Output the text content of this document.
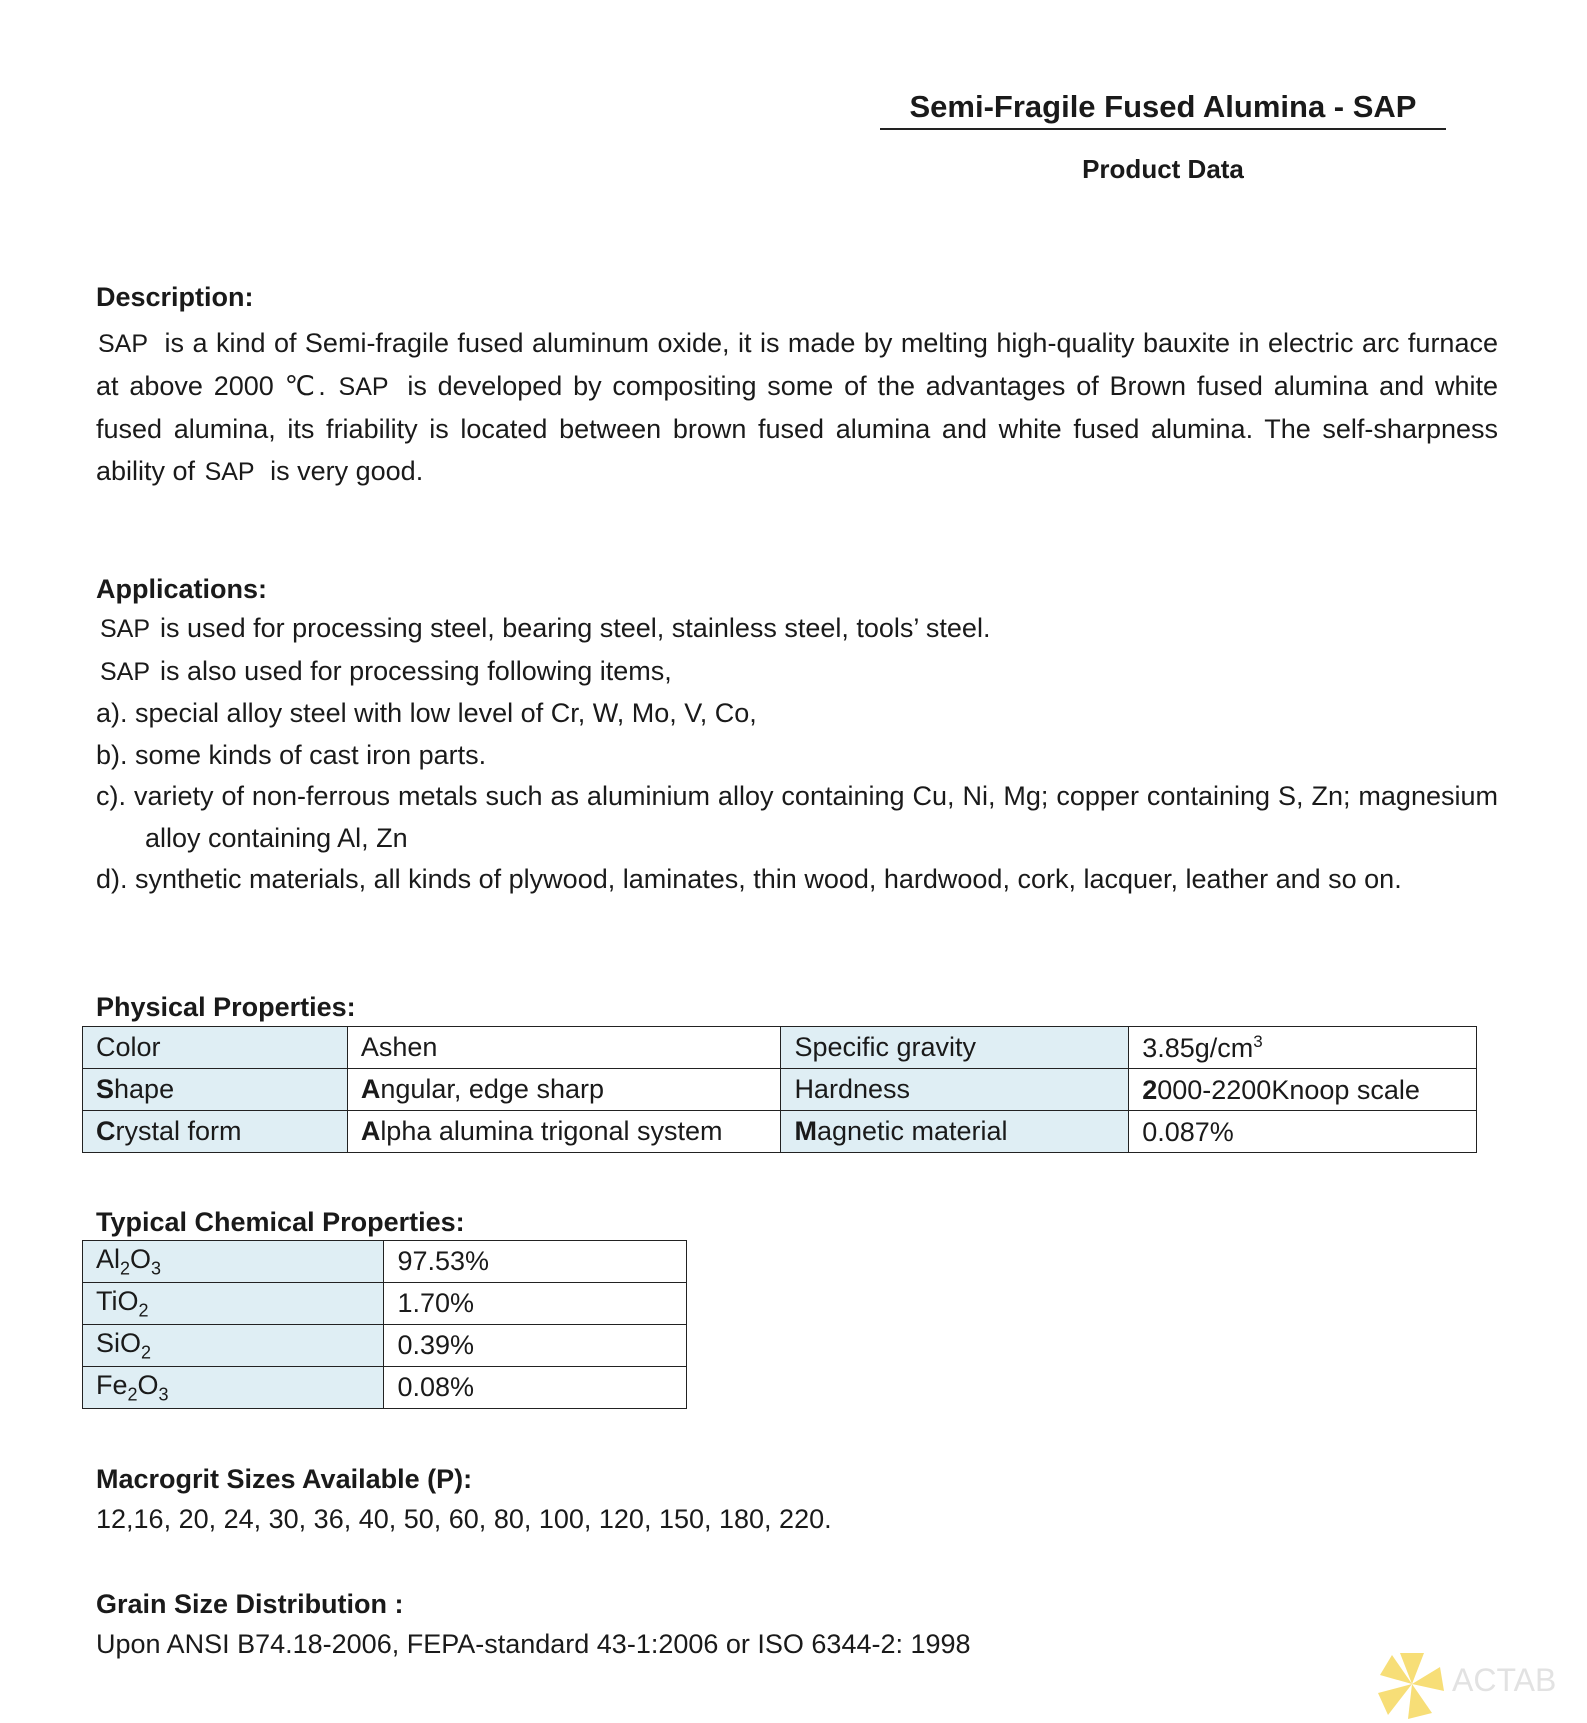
Semi-Fragile Fused Alumina - SAP
Product Data

Description:

SAP is a kind of Semi-fragile fused aluminum oxide, it is made by melting high-quality bauxite in electric arc furnace at above 2000 ℃. SAP is developed by compositing some of the advantages of Brown fused alumina and white fused alumina, its friability is located between brown fused alumina and white fused alumina. The self-sharpness ability of SAP is very good.

Applications:

SAP is used for processing steel, bearing steel, stainless steel, tools’ steel.

SAP is also used for processing following items,

a). special alloy steel with low level of Cr, W, Mo, V, Co,

b). some kinds of cast iron parts.

c). variety of non-ferrous metals such as aluminium alloy containing Cu, Ni, Mg; copper containing S, Zn; magnesium alloy containing Al, Zn

d). synthetic materials, all kinds of plywood, laminates, thin wood, hardwood, cork, lacquer, leather and so on.

Physical Properties:

Color	Ashen	Specific gravity	$3.85g/cm^3$
Shape	Angular, edge sharp	Hardness	2000-2200Knoop scale
Crystal form	Alpha alumina trigonal system	Magnetic material	0.087%

Typical Chemical Properties:

$Al_2O_3$	97.53%
TiO$_2$	1.70%
SiO$_2$	0.39%
$Fe_2O_3$	0.08%

Macrogrit Sizes Available (P):

12,16, 20, 24, 30, 36, 40, 50, 60, 80, 100, 120, 150, 180, 220.

Grain Size Distribution :

Upon ANSI B74.18-2006, FEPA-standard 43-1:2006 or ISO 6344-2: 1998

ACTAB
